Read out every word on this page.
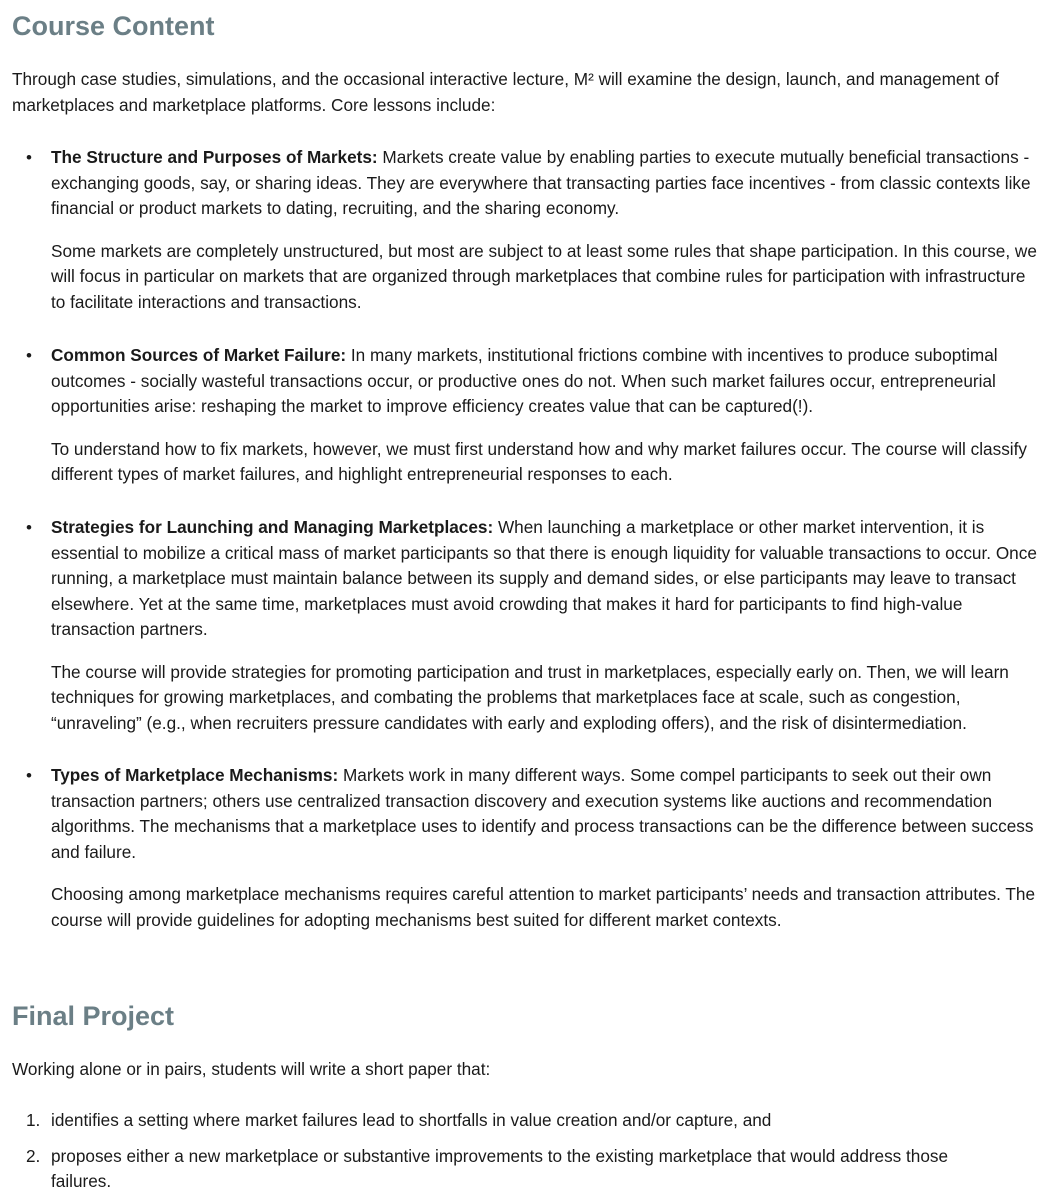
Course Content

Through case studies, simulations, and the occasional interactive lecture, M² will examine the design, launch, and management of marketplaces and marketplace platforms. Core lessons include:

• The Structure and Purposes of Markets: Markets create value by enabling parties to execute mutually beneficial transactions - exchanging goods, say, or sharing ideas. They are everywhere that transacting parties face incentives - from classic contexts like financial or product markets to dating, recruiting, and the sharing economy.

Some markets are completely unstructured, but most are subject to at least some rules that shape participation. In this course, we will focus in particular on markets that are organized through marketplaces that combine rules for participation with infrastructure to facilitate interactions and transactions.

• Common Sources of Market Failure: In many markets, institutional frictions combine with incentives to produce suboptimal outcomes - socially wasteful transactions occur, or productive ones do not. When such market failures occur, entrepreneurial opportunities arise: reshaping the market to improve efficiency creates value that can be captured(!).

To understand how to fix markets, however, we must first understand how and why market failures occur. The course will classify different types of market failures, and highlight entrepreneurial responses to each.

• Strategies for Launching and Managing Marketplaces: When launching a marketplace or other market intervention, it is essential to mobilize a critical mass of market participants so that there is enough liquidity for valuable transactions to occur. Once running, a marketplace must maintain balance between its supply and demand sides, or else participants may leave to transact elsewhere. Yet at the same time, marketplaces must avoid crowding that makes it hard for participants to find high-value transaction partners.

The course will provide strategies for promoting participation and trust in marketplaces, especially early on. Then, we will learn techniques for growing marketplaces, and combating the problems that marketplaces face at scale, such as congestion, “unraveling” (e.g., when recruiters pressure candidates with early and exploding offers), and the risk of disintermediation.

• Types of Marketplace Mechanisms: Markets work in many different ways. Some compel participants to seek out their own transaction partners; others use centralized transaction discovery and execution systems like auctions and recommendation algorithms. The mechanisms that a marketplace uses to identify and process transactions can be the difference between success and failure.

Choosing among marketplace mechanisms requires careful attention to market participants’ needs and transaction attributes. The course will provide guidelines for adopting mechanisms best suited for different market contexts.

Final Project

Working alone or in pairs, students will write a short paper that:

1. identifies a setting where market failures lead to shortfalls in value creation and/or capture, and

2. proposes either a new marketplace or substantive improvements to the existing marketplace that would address those failures.
